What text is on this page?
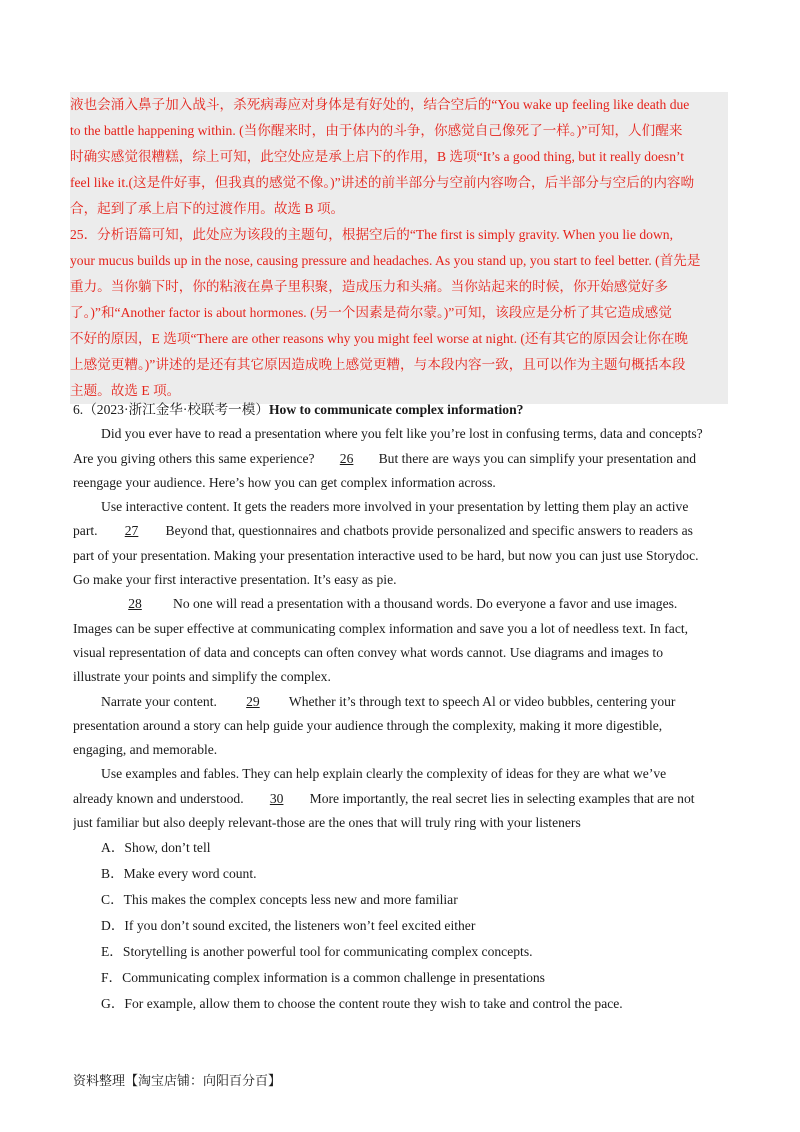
液也会涌入鼻子加入战斗，杀死病毒应对身体是有好处的，结合空后的“You wake up feeling like death due
to the battle happening within. (当你醒来时，由于体内的斗争，你感觉自己像死了一样。)”可知，人们醒来
时确实感觉很糟糕，综上可知，此空处应是承上启下的作用，B 选项“It’s a good thing, but it really doesn’t
feel like it.(这是件好事，但我真的感觉不像。)”讲述的前半部分与空前内容吻合，后半部分与空后的内容呦
合，起到了承上启下的过渡作用。故选 B 项。
25．分析语篇可知，此处应为该段的主题句，根据空后的“The first is simply gravity. When you lie down,
your mucus builds up in the nose, causing pressure and headaches. As you stand up, you start to feel better. (首先是
重力。当你躺下时，你的粘液在鼻子里积聚，造成压力和头痛。当你站起来的时候，你开始感觉好多
了。)”和“Another factor is about hormones. (另一个因素是荷尔蒙。)”可知，该段应是分析了其它造成感觉
不好的原因，E 选项“There are other reasons why you might feel worse at night. (还有其它的原因会让你在晚
上感觉更糟。)”讲述的是还有其它原因造成晚上感觉更糟，与本段内容一致，且可以作为主题句概括本段
主题。故选 E 项。
6.（2023·浙江金华·校联考一模）How to communicate complex information?
Did you ever have to read a presentation where you felt like you’re lost in confusing terms, data and concepts?
Are you giving others this same experience? 26 But there are ways you can simplify your presentation and
reengage your audience. Here’s how you can get complex information across.
Use interactive content. It gets the readers more involved in your presentation by letting them play an active
part. 27 Beyond that, questionnaires and chatbots provide personalized and specific answers to readers as
part of your presentation. Making your presentation interactive used to be hard, but now you can just use Storydoc.
Go make your first interactive presentation. It’s easy as pie.
28 No one will read a presentation with a thousand words. Do everyone a favor and use images.
Images can be super effective at communicating complex information and save you a lot of needless text. In fact,
visual representation of data and concepts can often convey what words cannot. Use diagrams and images to
illustrate your points and simplify the complex.
Narrate your content. 29 Whether it’s through text to speech Al or video bubbles, centering your
presentation around a story can help guide your audience through the complexity, making it more digestible,
engaging, and memorable.
Use examples and fables. They can help explain clearly the complexity of ideas for they are what we’ve
already known and understood. 30 More importantly, the real secret lies in selecting examples that are not
just familiar but also deeply relevant-those are the ones that will truly ring with your listeners
A．Show, don’t tell
B．Make every word count.
C．This makes the complex concepts less new and more familiar
D．If you don’t sound excited, the listeners won’t feel excited either
E．Storytelling is another powerful tool for communicating complex concepts.
F．Communicating complex information is a common challenge in presentations
G．For example, allow them to choose the content route they wish to take and control the pace.
资料整理【淘宝店铺：向阳百分百】
